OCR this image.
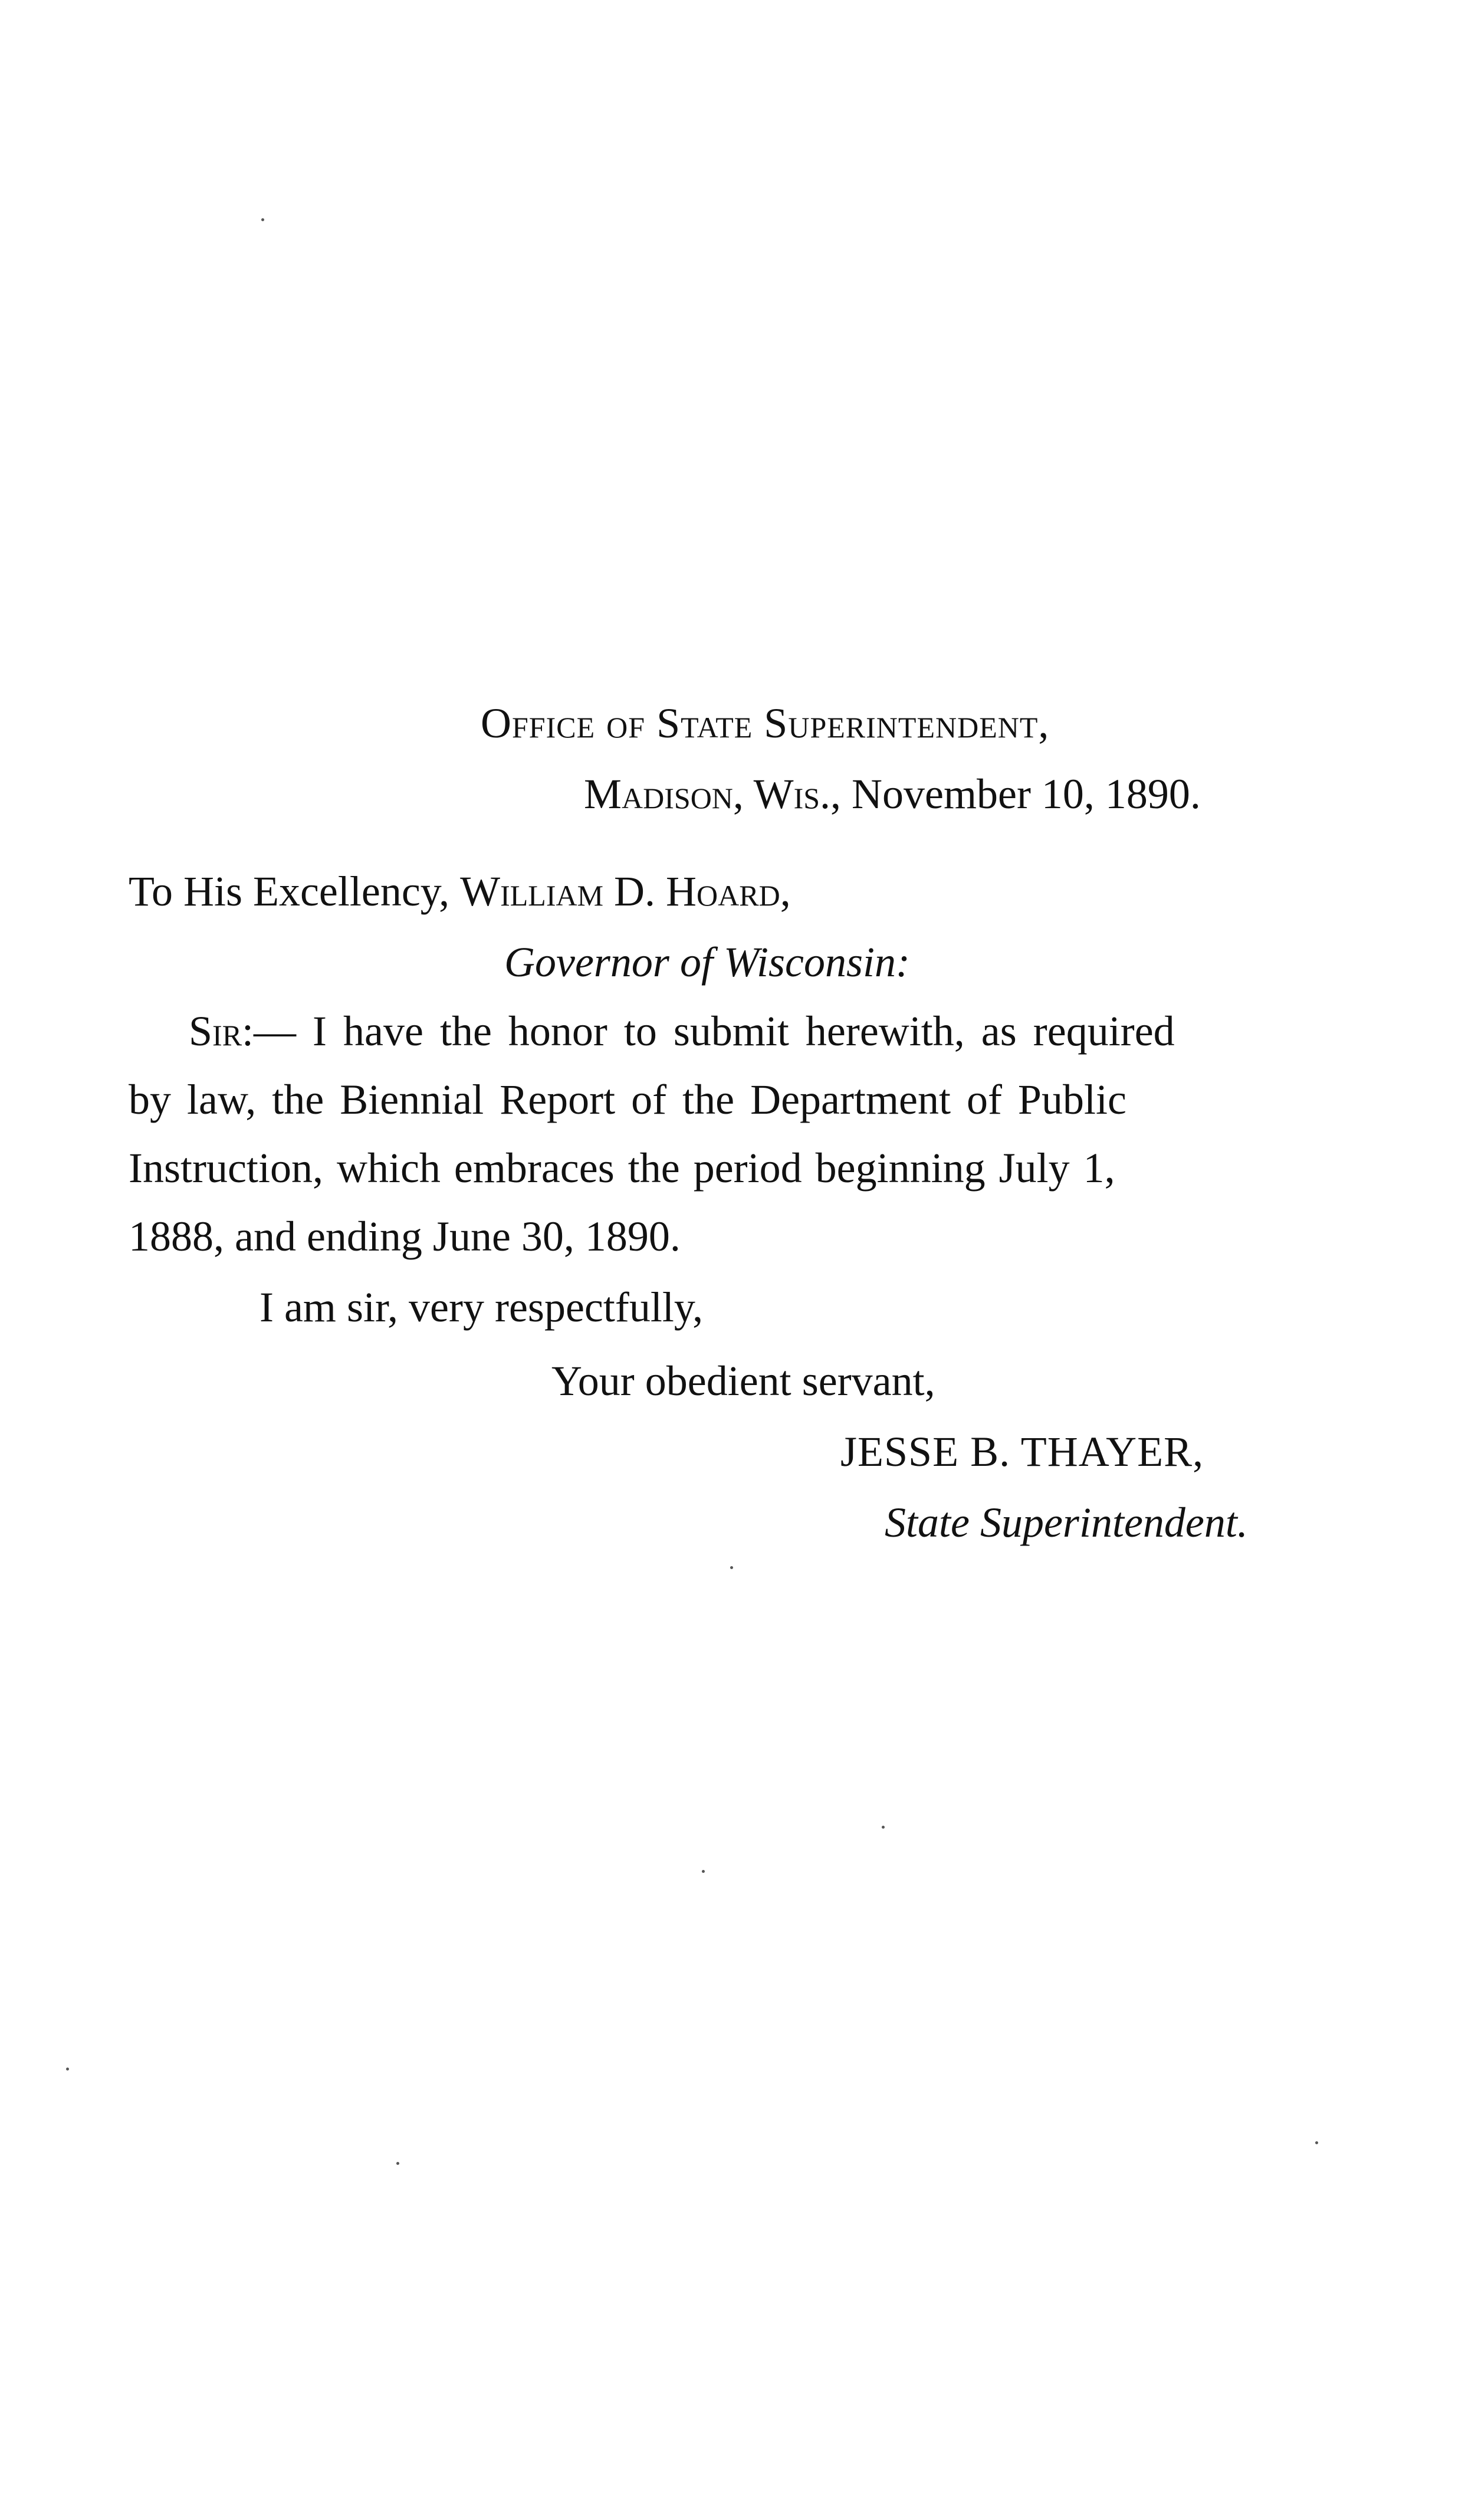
Office of State Superintendent,
Madison, Wis., November 10, 1890.
To His Excellency, William D. Hoard,
Governor of Wisconsin:
Sir:— I have the honor to submit herewith, as required
by law, the Biennial Report of the Department of Public
Instruction, which embraces the period beginning July 1,
1888, and ending June 30, 1890.
I am sir, very respectfully,
Your obedient servant,
JESSE B. THAYER,
State Superintendent.
